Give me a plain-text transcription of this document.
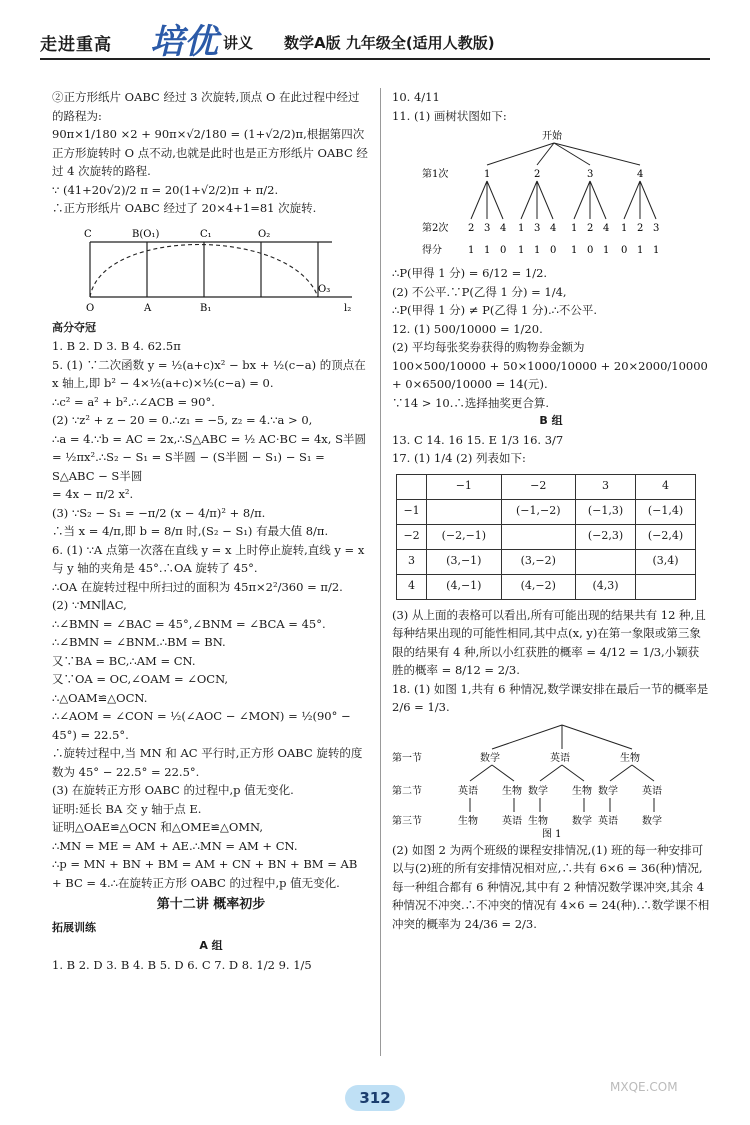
走进重高 培优 讲义 数学A版 九年级全(适用人教版)

②正方形纸片 OABC 经过 3 次旋转,顶点 O 在此过程中经过的路程为:

90π×1/180 ×2 + 90π×√2/180 = (1+√2/2)π,根据第四次正方形旋转时 O 点不动,也就是此时也是正方形纸片 OABC 经过 4 次旋转的路程.

∵ (41+20√2)/2 π = 20(1+√2/2)π + π/2.

∴正方形纸片 OABC 经过了 20×4+1=81 次旋转.

C	B(O₁)	C₁	O₂
O	A	B₁
O₃
l₂

高分夺冠

1. B 2. D 3. B 4. 62.5π

5. (1) ∵二次函数 y = ½(a+c)x² − bx + ½(c−a) 的顶点在 x 轴上,即 b² − 4×½(a+c)×½(c−a) = 0.

∴c² = a² + b².∴∠ACB = 90°.

(2) ∵z² + z − 20 = 0.∴z₁ = −5, z₂ = 4.∵a > 0,

∴a = 4.∵b = AC = 2x,∴S△ABC = ½ AC·BC = 4x, S半圆 = ½πx².∴S₂ − S₁ = S半圆 − (S半圆 − S₁) − S₁ = S△ABC − S半圆

= 4x − π/2 x².

(3) ∵S₂ − S₁ = −π/2 (x − 4/π)² + 8/π.

∴当 x = 4/π,即 b = 8/π 时,(S₂ − S₁) 有最大值 8/π.

6. (1) ∵A 点第一次落在直线 y = x 上时停止旋转,直线 y = x 与 y 轴的夹角是 45°.∴OA 旋转了 45°.

∴OA 在旋转过程中所扫过的面积为 45π×2²/360 = π/2.

(2) ∵MN∥AC,

∴∠BMN = ∠BAC = 45°,∠BNM = ∠BCA = 45°.

∴∠BMN = ∠BNM.∴BM = BN.

又∵BA = BC,∴AM = CN.

又∵OA = OC,∠OAM = ∠OCN,

∴△OAM≌△OCN.

∴∠AOM = ∠CON = ½(∠AOC − ∠MON) = ½(90° − 45°) = 22.5°.

∴旋转过程中,当 MN 和 AC 平行时,正方形 OABC 旋转的度数为 45° − 22.5° = 22.5°.

(3) 在旋转正方形 OABC 的过程中,p 值无变化.

证明:延长 BA 交 y 轴于点 E.

证明△OAE≌△OCN 和△OME≌△OMN,

∴MN = ME = AM + AE.∴MN = AM + CN.

∴p = MN + BN + BM = AM + CN + BN + BM = AB + BC = 4.∴在旋转正方形 OABC 的过程中,p 值无变化.

第十二讲 概率初步

拓展训练

A 组

1. B 2. D 3. B 4. B 5. D 6. C 7. D 8. 1/2 9. 1/5

10. 4/11

11. (1) 画树状图如下:

开始
第1次
第2次
得分
1	2	3	4
2
1
3
1
4
0
1
1
3
1
4
0
1
1
2
0
4
1
1
0
2
1
3
1

∴P(甲得 1 分) = 6/12 = 1/2.

(2) 不公平.∵P(乙得 1 分) = 1/4,

∴P(甲得 1 分) ≠ P(乙得 1 分).∴不公平.

12. (1) 500/10000 = 1/20.

(2) 平均每张奖券获得的购物券金额为

100×500/10000 + 50×1000/10000 + 20×2000/10000 + 0×6500/10000 = 14(元).

∵14 > 10.∴选择抽奖更合算.

B 组

13. C 14. 16 15. E 1/3 16. 3/7

17. (1) 1/4 (2) 列表如下:

	−1	−2	3	4
−1		(−1,−2)	(−1,3)	(−1,4)
−2	(−2,−1)		(−2,3)	(−2,4)
3	(3,−1)	(3,−2)		(3,4)
4	(4,−1)	(4,−2)	(4,3)	

(3) 从上面的表格可以看出,所有可能出现的结果共有 12 种,且每种结果出现的可能性相同,其中点(x, y)在第一象限或第三象限的结果有 4 种,所以小红获胜的概率 = 4/12 = 1/3,小颖获胜的概率 = 8/12 = 2/3.

18. (1) 如图 1,共有 6 种情况,数学课安排在最后一节的概率是 2/6 = 1/3.

第一节
第二节
第三节
数学	英语	生物
英语
生物
生物
英语
数学
生物
生物
数学
数学
英语
英语
数学
图 1

(2) 如图 2 为两个班级的课程安排情况,(1) 班的每一种安排可以与(2)班的所有安排情况相对应,∴共有 6×6 = 36(种)情况,每一种组合都有 6 种情况,其中有 2 种情况数学课冲突,其余 4 种情况不冲突.∴不冲突的情况有 4×6 = 24(种).∴数学课不相冲突的概率为 24/36 = 2/3.

312
MXQE.COM
